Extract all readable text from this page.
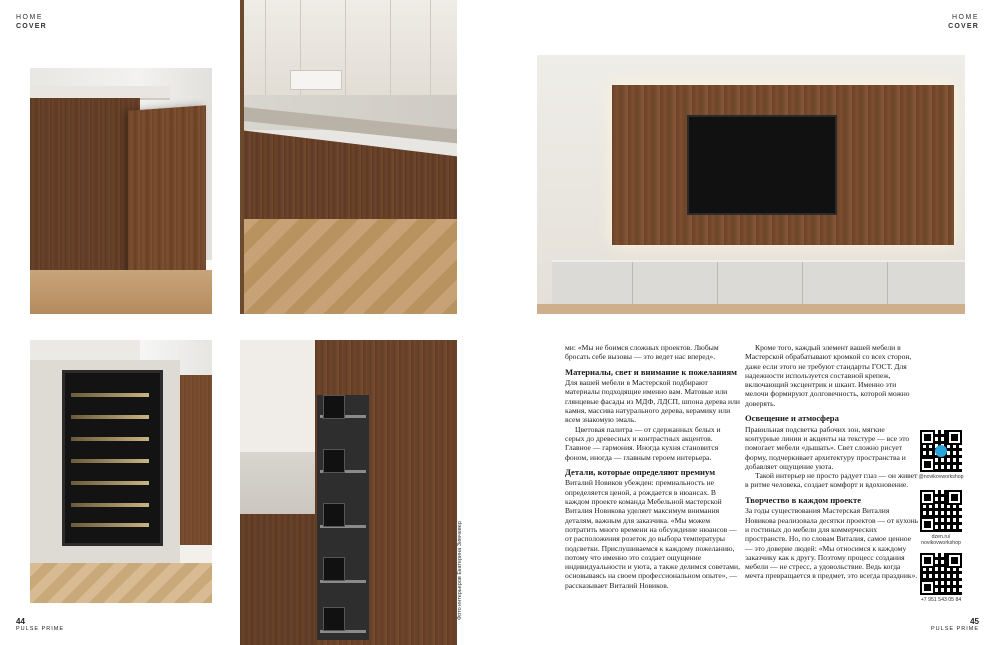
HOME
COVER
HOME
COVER
Фото интерьеров Екатерина Зимчевер

ми: «Мы не боимся сложных проектов. Любым бросать себе вызовы — это ведет нас вперед».

Материалы, свет и внимание к пожеланиям

Для вашей мебели в Мастерской подбирают материалы подходящие именно вам. Матовые или глянцевые фасады из МДФ, ЛДСП, шпона дерева или камня, массива натурального дерева, керамику или всем знакомую эмаль.

Цветовая палитра — от сдержанных белых и серых до древесных и контрастных акцентов. Главное — гармония. Иногда кухня становится фоном, иногда — главным героем интерьера.

Детали, которые определяют премиум

Виталий Новиков убежден: премиальность не определяется ценой, а рождается в нюансах. В каждом проекте команда Мебельной мастерской Виталия Новикова уделяет максимум внимания деталям, важным для заказчика. «Мы можем потратить много времени на обсуждение нюансов — от расположения розеток до выбора температуры подсветки. Прислушиваемся к каждому пожеланию, потому что именно это создает ощущение индивидуальности и уюта, а также делимся советами, основываясь на своем профессиональном опыте», — рассказывает Виталий Новиков.

Кроме того, каждый элемент вашей мебели в Мастерской обрабатывают кромкой со всех сторон, даже если этого не требуют стандарты ГОСТ. Для надежности используется составной крепеж, включающий эксцентрик и шкант. Именно эти мелочи формируют долговечность, которой можно доверять.

Освещение и атмосфера

Правильная подсветка рабочих зон, мягкие контурные линии и акценты на текстуре — все это помогает мебели «дышать». Свет сложно рисует форму, подчеркивает архитектуру пространства и добавляет ощущение уюта.

Такой интерьер не просто радует глаз — он живет в ритме человека, создает комфорт и вдохновение.

Творчество в каждом проекте

За годы существования Мастерская Виталия Новикова реализовала десятки проектов — от кухонь и гостиных до мебели для коммерческих пространств. Но, по словам Виталия, самое ценное — это доверие людей: «Мы относимся к каждому заказчику как к другу. Поэтому процесс создания мебели — не стресс, а удовольствие. Ведь когда мечта превращается в предмет, это всегда праздник».

@novikovworkshop
dzen.ru/
novikovworkshop
+7 951 543 05 84
44
PULSE PRIME
45
PULSE PRIME
